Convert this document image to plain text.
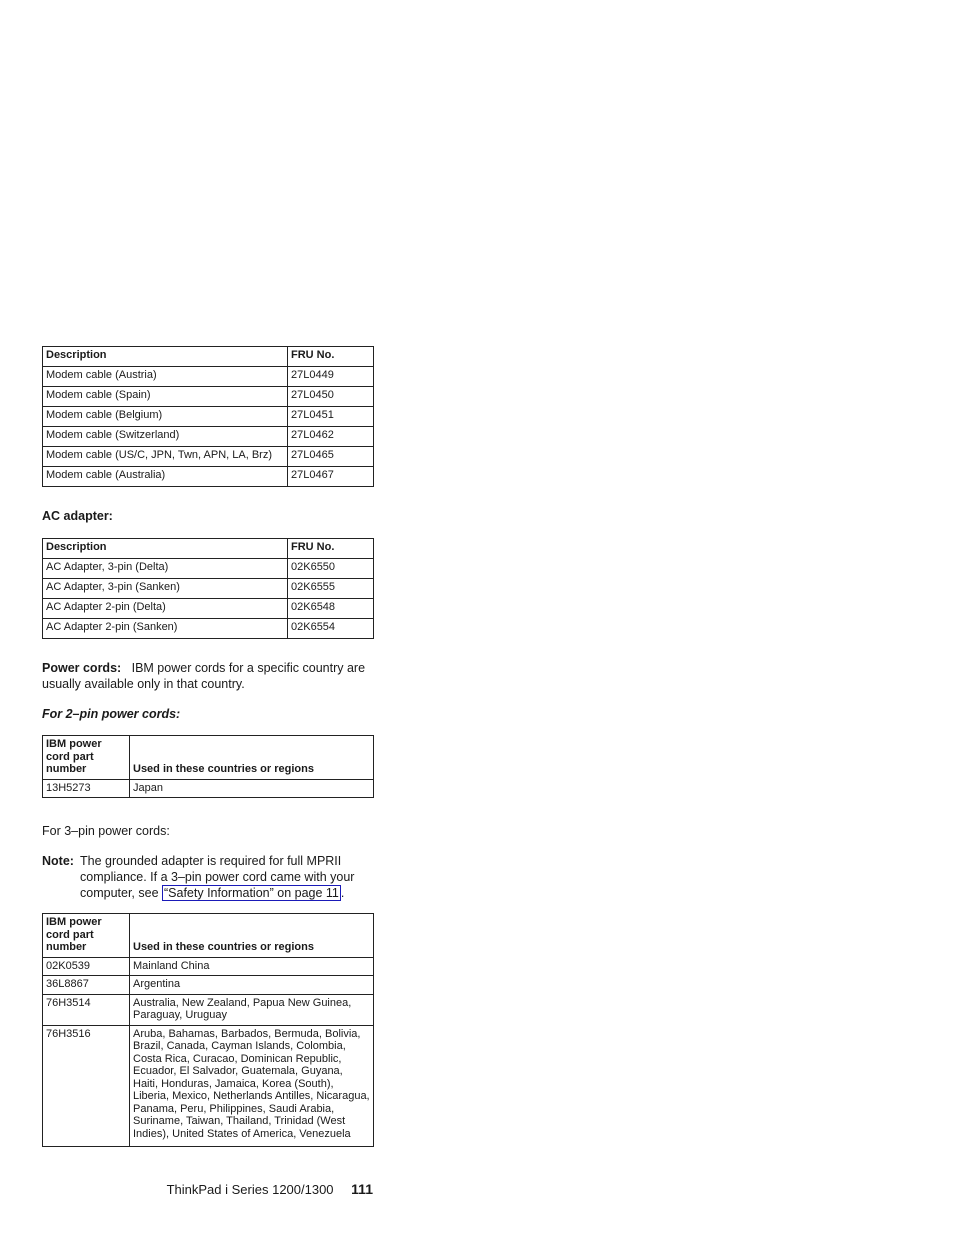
Description	FRU No.
Modem cable (Austria)	27L0449
Modem cable (Spain)	27L0450
Modem cable (Belgium)	27L0451
Modem cable (Switzerland)	27L0462
Modem cable (US/C, JPN, Twn, APN, LA, Brz)	27L0465
Modem cable (Australia)	27L0467
AC adapter:
Description	FRU No.
AC Adapter, 3-pin (Delta)	02K6550
AC Adapter, 3-pin (Sanken)	02K6555
AC Adapter 2-pin (Delta)	02K6548
AC Adapter 2-pin (Sanken)	02K6554
Power cords: IBM power cords for a specific country are usually available only in that country.
For 2–pin power cords:
IBM power cord part number	Used in these countries or regions
13H5273	Japan
For 3–pin power cords:
Note: The grounded adapter is required for full MPRII compliance. If a 3–pin power cord came with your computer, see “Safety Information” on page 11 .
IBM power cord part number	Used in these countries or regions
02K0539	Mainland China
36L8867	Argentina
76H3514	Australia, New Zealand, Papua New Guinea, Paraguay, Uruguay
76H3516	Aruba, Bahamas, Barbados, Bermuda, Bolivia, Brazil, Canada, Cayman Islands, Colombia, Costa Rica, Curacao, Dominican Republic, Ecuador, El Salvador, Guatemala, Guyana, Haiti, Honduras, Jamaica, Korea (South), Liberia, Mexico, Netherlands Antilles, Nicaragua, Panama, Peru, Philippines, Saudi Arabia, Suriname, Taiwan, Thailand, Trinidad (West Indies), United States of America, Venezuela
ThinkPad i Series 1200/1300 111
